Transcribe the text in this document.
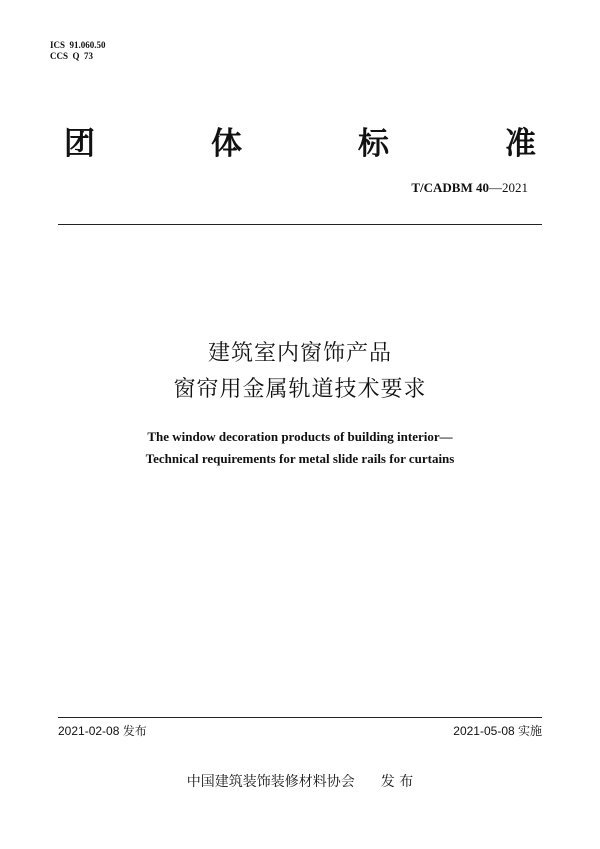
ICS  91.060.50
CCS  Q  73
团	体	标	准
T/CADBM 40—2021
建筑室内窗饰产品
窗帘用金属轨道技术要求
The window decoration products of building interior—
Technical requirements for metal slide rails for curtains
2021-02-08 发布	2021-05-08 实施
中国建筑装饰装修材料协会 发 布
